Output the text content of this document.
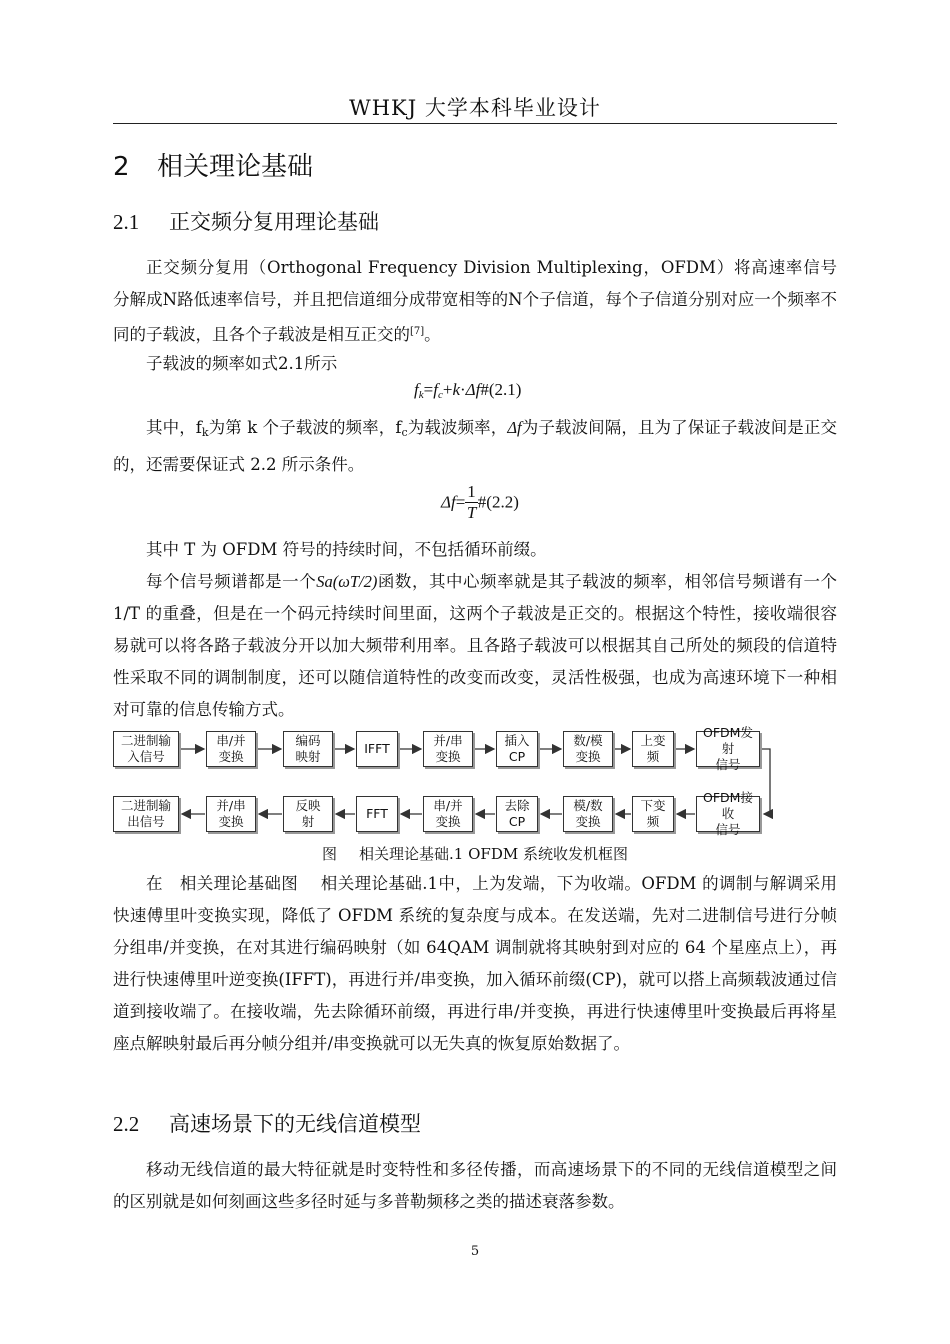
WHKJ 大学本科毕业设计
2 相关理论基础
2.1 正交频分复用理论基础

正交频分复用（Orthogonal Frequency Division Multiplexing，OFDM）将高速率信号分解成N路低速率信号，并且把信道细分成带宽相等的N个子信道，每个子信道分别对应一个频率不同的子载波，且各个子载波是相互正交的[7]。

子载波的频率如式2.1所示

$f_k=f_c+k\cdot\Delta f\#(2.1)$

其中，$f_k$为第 k 个子载波的频率，$f_c$为载波频率，Δf为子载波间隔，且为了保证子载波间是正交的，还需要保证式 2.2 所示条件。

$\Delta f= \frac{1}{T}$ #(2.2)

其中 T 为 OFDM 符号的持续时间，不包括循环前缀。

每个信号频谱都是一个Sa(ωT/2)函数，其中心频率就是其子载波的频率，相邻信号频谱有一个 1/T 的重叠，但是在一个码元持续时间里面，这两个子载波是正交的。根据这个特性，接收端很容易就可以将各路子载波分开以加大频带利用率。且各路子载波可以根据其自己所处的频段的信道特性采取不同的调制制度，还可以随信道特性的改变而改变，灵活性极强，也成为高速环境下一种相对可靠的信息传输方式。

二进制输
入信号
串/并
变换
编码
映射
IFFT
并/串
变换
插入
CP
数/模
变换
上变
频
OFDM发射
信号
二进制输
出信号
并/串
变换
反映
射
FFT
串/并
变换
去除
CP
模/数
变换
下变
频
OFDM接收
信号
图 相关理论基础.1 OFDM 系统收发机框图

在　相关理论基础图　 相关理论基础.1中，上为发端，下为收端。OFDM 的调制与解调采用快速傅里叶变换实现，降低了 OFDM 系统的复杂度与成本。在发送端，先对二进制信号进行分帧分组串/并变换，在对其进行编码映射（如 64QAM 调制就将其映射到对应的 64 个星座点上），再进行快速傅里叶逆变换(IFFT)，再进行并/串变换，加入循环前缀(CP)，就可以搭上高频载波通过信道到接收端了。在接收端，先去除循环前缀，再进行串/并变换，再进行快速傅里叶变换最后再将星座点解映射最后再分帧分组并/串变换就可以无失真的恢复原始数据了。

2.2 高速场景下的无线信道模型

移动无线信道的最大特征就是时变特性和多径传播，而高速场景下的不同的无线信道模型之间的区别就是如何刻画这些多径时延与多普勒频移之类的描述衰落参数。

5
